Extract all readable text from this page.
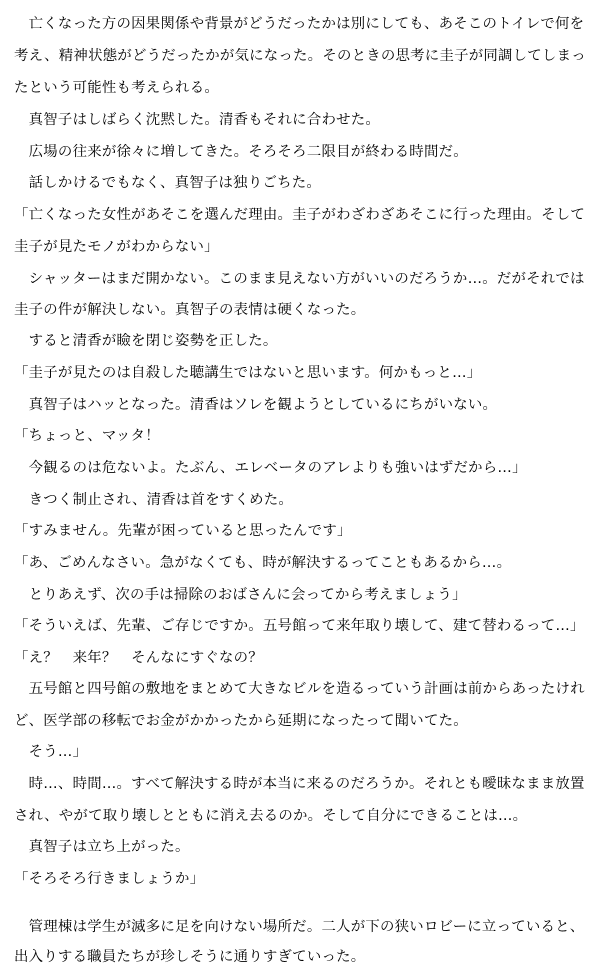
　亡くなった方の因果関係や背景がどうだったかは別にしても、あそこのトイレで何を
考え、精神状態がどうだったかが気になった。そのときの思考に圭子が同調してしまっ
たという可能性も考えられる。
　真智子はしばらく沈黙した。清香もそれに合わせた。
　広場の往来が徐々に増してきた。そろそろ二限目が終わる時間だ。
　話しかけるでもなく、真智子は独りごちた。
「亡くなった女性があそこを選んだ理由。圭子がわざわざあそこに行った理由。そして
圭子が見たモノがわからない」
　シャッターはまだ開かない。このまま見えない方がいいのだろうか…。だがそれでは
圭子の件が解決しない。真智子の表情は硬くなった。
　すると清香が瞼を閉じ姿勢を正した。
「圭子が見たのは自殺した聴講生ではないと思います。何かもっと…」
　真智子はハッとなった。清香はソレを観ようとしているにちがいない。
「ちょっと、マッタ！
　今観るのは危ないよ。たぶん、エレベータのアレよりも強いはずだから…」
　きつく制止され、清香は首をすくめた。
「すみません。先輩が困っていると思ったんです」
「あ、ごめんなさい。急がなくても、時が解決するってこともあるから…。
　とりあえず、次の手は掃除のおばさんに会ってから考えましょう」
「そういえば、先輩、ご存じですか。五号館って来年取り壊して、建て替わるって…」
「え？　来年？　そんなにすぐなの？
　五号館と四号館の敷地をまとめて大きなビルを造るっていう計画は前からあったけれ
ど、医学部の移転でお金がかかったから延期になったって聞いてた。
　そう…」
　時…、時間…。すべて解決する時が本当に来るのだろうか。それとも曖昧なまま放置
され、やがて取り壊しとともに消え去るのか。そして自分にできることは…。
　真智子は立ち上がった。
「そろそろ行きましょうか」
　管理棟は学生が滅多に足を向けない場所だ。二人が下の狭いロビーに立っていると、
出入りする職員たちが珍しそうに通りすぎていった。
